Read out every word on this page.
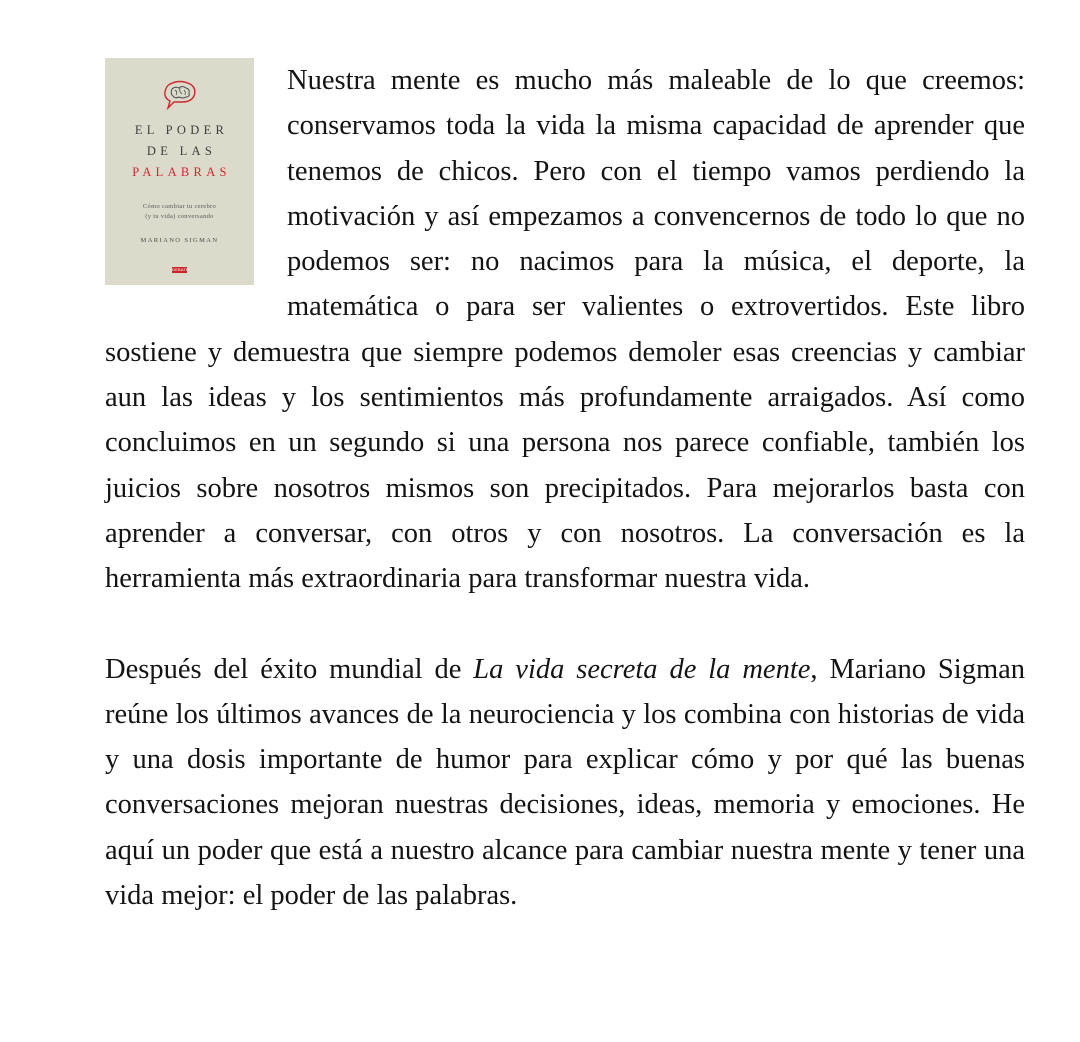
EL PODER
DE LAS
PALABRAS
Cómo cambiar tu cerebro
(y tu vida) conversando
MARIANO SIGMAN
DEBATE

Nuestra mente es mucho más maleable de lo que creemos: conservamos toda la vida la misma capacidad de aprender que tenemos de chicos. Pero con el tiempo vamos perdiendo la motivación y así empezamos a convencernos de todo lo que no podemos ser: no nacimos para la música, el deporte, la matemática o para ser valientes o extrovertidos. Este libro sostiene y demuestra que siempre podemos demoler esas creencias y cambiar aun las ideas y los sentimientos más profundamente arraigados. Así como concluimos en un segundo si una persona nos parece confiable, también los juicios sobre nosotros mismos son precipitados. Para mejorarlos basta con aprender a conversar, con otros y con nosotros. La conversación es la herramienta más extraordinaria para transformar nuestra vida.

Después del éxito mundial de La vida secreta de la mente, Mariano Sigman reúne los últimos avances de la neurociencia y los combina con historias de vida y una dosis importante de humor para explicar cómo y por qué las buenas conversaciones mejoran nuestras decisiones, ideas, memoria y emociones. He aquí un poder que está a nuestro alcance para cambiar nuestra mente y tener una vida mejor: el poder de las palabras.
